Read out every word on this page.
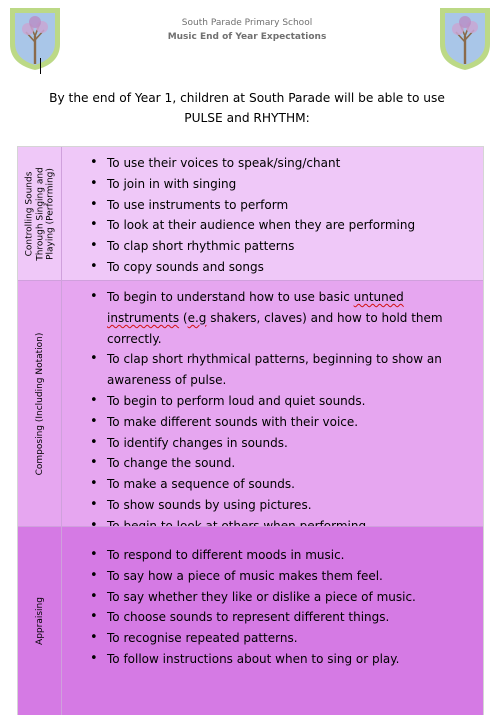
South Parade Primary School
Music End of Year Expectations
By the end of Year 1, children at South Parade will be able to use
PULSE and RHYTHM:
Controlling Sounds Through Singing and Playing (Performing)
• To use their voices to speak/sing/chant
• To join in with singing
• To use instruments to perform
• To look at their audience when they are performing
• To clap short rhythmic patterns
• To copy sounds and songs
Composing (Including Notation)
• To begin to understand how to use basic untuned instruments (e.g shakers, claves) and how to hold them correctly.
• To clap short rhythmical patterns, beginning to show an awareness of pulse.
• To begin to perform loud and quiet sounds.
• To make different sounds with their voice.
• To identify changes in sounds.
• To change the sound.
• To make a sequence of sounds.
• To show sounds by using pictures.
•
Appraising
• To respond to different moods in music.
• To say how a piece of music makes them feel.
• To say whether they like or dislike a piece of music.
• To choose sounds to represent different things.
• To recognise repeated patterns.
• To follow instructions about when to sing or play.
